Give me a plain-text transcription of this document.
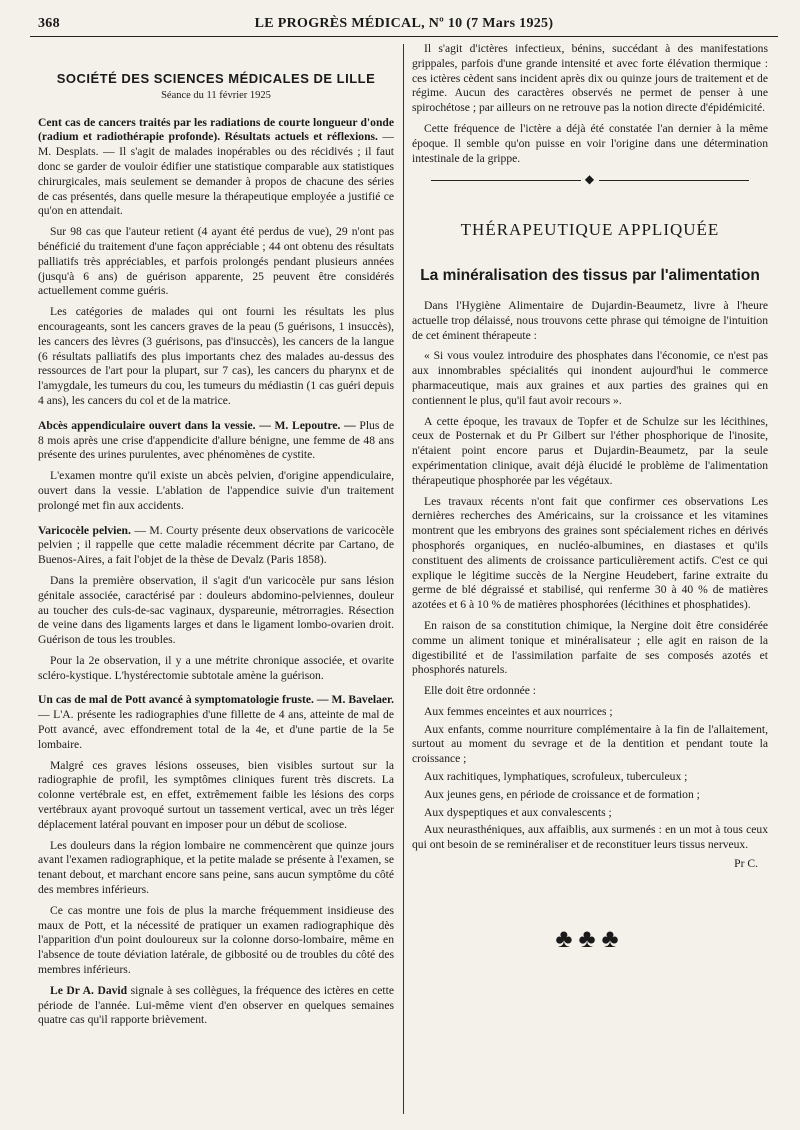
368	LE PROGRÈS MÉDICAL, Nº 10 (7 Mars 1925)
SOCIÉTÉ DES SCIENCES MÉDICALES DE LILLE
Séance du 11 février 1925

Cent cas de cancers traités par les radiations de courte longueur d'onde (radium et radiothérapie profonde). Résultats actuels et réflexions. — M. Desplats. — Il s'agit de malades inopérables ou des récidivés ; il faut donc se garder de vouloir édifier une statistique comparable aux statistiques chirurgicales, mais seulement se demander à propos de chacune des séries de cas présentés, dans quelle mesure la thérapeutique employée a justifié ce qu'on en attendait.

Sur 98 cas que l'auteur retient (4 ayant été perdus de vue), 29 n'ont pas bénéficié du traitement d'une façon appréciable ; 44 ont obtenu des résultats palliatifs très appréciables, et parfois prolongés pendant plusieurs années (jusqu'à 6 ans) de guérison apparente, 25 peuvent être considérés actuellement comme guéris.

Les catégories de malades qui ont fourni les résultats les plus encourageants, sont les cancers graves de la peau (5 guérisons, 1 insuccès), les cancers des lèvres (3 guérisons, pas d'insuccès), les cancers de la langue (6 résultats palliatifs des plus importants chez des malades au-dessus des ressources de l'art pour la plupart, sur 7 cas), les cancers du pharynx et de l'amygdale, les tumeurs du cou, les tumeurs du médiastin (1 cas guéri depuis 4 ans), les cancers du col et de la matrice.

Abcès appendiculaire ouvert dans la vessie. — M. Lepoutre. — Plus de 8 mois après une crise d'appendicite d'allure bénigne, une femme de 48 ans présente des urines purulentes, avec phénomènes de cystite.

L'examen montre qu'il existe un abcès pelvien, d'origine appendiculaire, ouvert dans la vessie. L'ablation de l'appendice suivie d'un traitement prolongé met fin aux accidents.

Varicocèle pelvien. — M. Courty présente deux observations de varicocèle pelvien ; il rappelle que cette maladie récemment décrite par Cartano, de Buenos-Aires, a fait l'objet de la thèse de Devalz (Paris 1858).

Dans la première observation, il s'agit d'un varicocèle pur sans lésion génitale associée, caractérisé par : douleurs abdomino-pelviennes, douleur au toucher des culs-de-sac vaginaux, dyspareunie, métrorragies. Résection de veine dans des ligaments larges et dans le ligament lombo-ovarien droit. Guérison de tous les troubles.

Pour la 2e observation, il y a une métrite chronique associée, et ovarite scléro-kystique. L'hystérectomie subtotale amène la guérison.

Un cas de mal de Pott avancé à symptomatologie fruste. — M. Bavelaer. — L'A. présente les radiographies d'une fillette de 4 ans, atteinte de mal de Pott avancé, avec effondrement total de la 4e, et d'une partie de la 5e lombaire.

Malgré ces graves lésions osseuses, bien visibles surtout sur la radiographie de profil, les symptômes cliniques furent très discrets. La colonne vertébrale est, en effet, extrêmement faible les lésions des corps vertébraux ayant provoqué surtout un tassement vertical, avec un très léger déplacement latéral pouvant en imposer pour un début de scoliose.

Les douleurs dans la région lombaire ne commencèrent que quinze jours avant l'examen radiographique, et la petite malade se présente à l'examen, se tenant debout, et marchant encore sans peine, sans aucun symptôme du côté des membres inférieurs.

Ce cas montre une fois de plus la marche fréquemment insidieuse des maux de Pott, et la nécessité de pratiquer un examen radiographique dès l'apparition d'un point douloureux sur la colonne dorso-lombaire, même en l'absence de toute déviation latérale, de gibbosité ou de troubles du côté des membres inférieurs.

Le Dr A. David signale à ses collègues, la fréquence des ictères en cette période de l'année. Lui-même vient d'en observer en quelques semaines quatre cas qu'il rapporte brièvement.

Il s'agit d'ictères infectieux, bénins, succédant à des manifestations grippales, parfois d'une grande intensité et avec forte élévation thermique : ces ictères cèdent sans incident après dix ou quinze jours de traitement et de régime. Aucun des caractères observés ne permet de penser à une spirochétose ; par ailleurs on ne retrouve pas la notion directe d'épidémicité.

Cette fréquence de l'ictère a déjà été constatée l'an dernier à la même époque. Il semble qu'on puisse en voir l'origine dans une détermination intestinale de la grippe.

◆
THÉRAPEUTIQUE APPLIQUÉE
La minéralisation des tissus par l'alimentation

Dans l'Hygiène Alimentaire de Dujardin-Beaumetz, livre à l'heure actuelle trop délaissé, nous trouvons cette phrase qui témoigne de l'intuition de cet éminent thérapeute :

« Si vous voulez introduire des phosphates dans l'économie, ce n'est pas aux innombrables spécialités qui inondent aujourd'hui le commerce pharmaceutique, mais aux graines et aux parties des graines qui en contiennent le plus, qu'il faut avoir recours ».

A cette époque, les travaux de Topfer et de Schulze sur les lécithines, ceux de Posternak et du Pr Gilbert sur l'éther phosphorique de l'inosite, n'étaient point encore parus et Dujardin-Beaumetz, par la seule expérimentation clinique, avait déjà élucidé le problème de l'alimentation thérapeutique phosphorée par les végétaux.

Les travaux récents n'ont fait que confirmer ces observations Les dernières recherches des Américains, sur la croissance et les vitamines montrent que les embryons des graines sont spécialement riches en dérivés phosphorés organiques, en nucléo-albumines, en diastases et qu'ils constituent des aliments de croissance particulièrement actifs. C'est ce qui explique le légitime succès de la Nergine Heudebert, farine extraite du germe de blé dégraissé et stabilisé, qui renferme 30 à 40 % de matières azotées et 6 à 10 % de matières phosphorées (lécithines et phosphatides).

En raison de sa constitution chimique, la Nergine doit être considérée comme un aliment tonique et minéralisateur ; elle agit en raison de la digestibilité et de l'assimilation parfaite de ses composés azotés et phosphorés naturels.

Elle doit être ordonnée :

Aux femmes enceintes et aux nourrices ;

Aux enfants, comme nourriture complémentaire à la fin de l'allaitement, surtout au moment du sevrage et de la dentition et pendant toute la croissance ;

Aux rachitiques, lymphatiques, scrofuleux, tuberculeux ;

Aux jeunes gens, en période de croissance et de formation ;

Aux dyspeptiques et aux convalescents ;

Aux neurasthéniques, aux affaiblis, aux surmenés : en un mot à tous ceux qui ont besoin de se reminéraliser et de reconstituer leurs tissus nerveux.

Pr C.
♣♣♣
